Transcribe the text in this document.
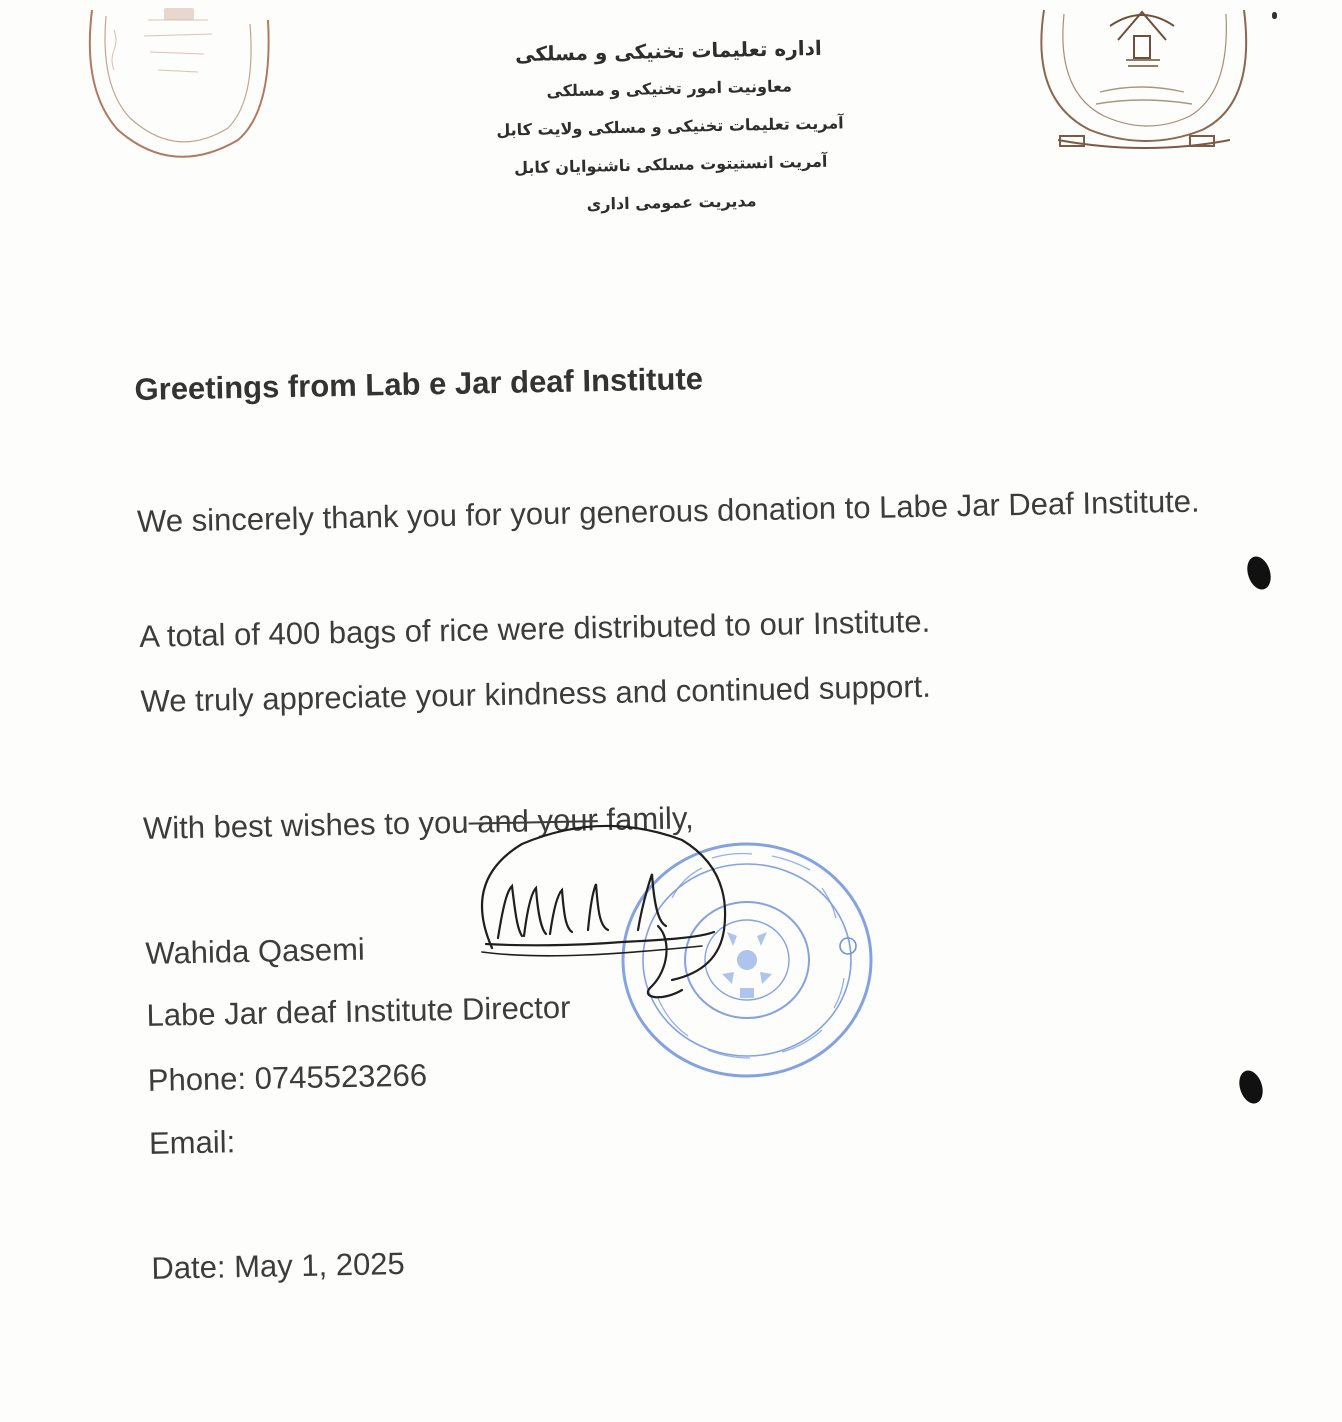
اداره تعلیمات تخنیکی و مسلکی
معاونیت امور تخنیکی و مسلکی
آمریت تعلیمات تخنیکی و مسلکی ولایت کابل
آمریت انستیتوت مسلکی ناشنوایان کابل
مدیریت عمومی اداری

Greetings from Lab e Jar deaf Institute

We sincerely thank you for your generous donation to Labe Jar Deaf Institute.

A total of 400 bags of rice were distributed to our Institute.

We truly appreciate your kindness and continued support.

With best wishes to you and your family,

Wahida Qasemi

Labe Jar deaf Institute Director

Phone: 0745523266

Email:

Date: May 1, 2025
